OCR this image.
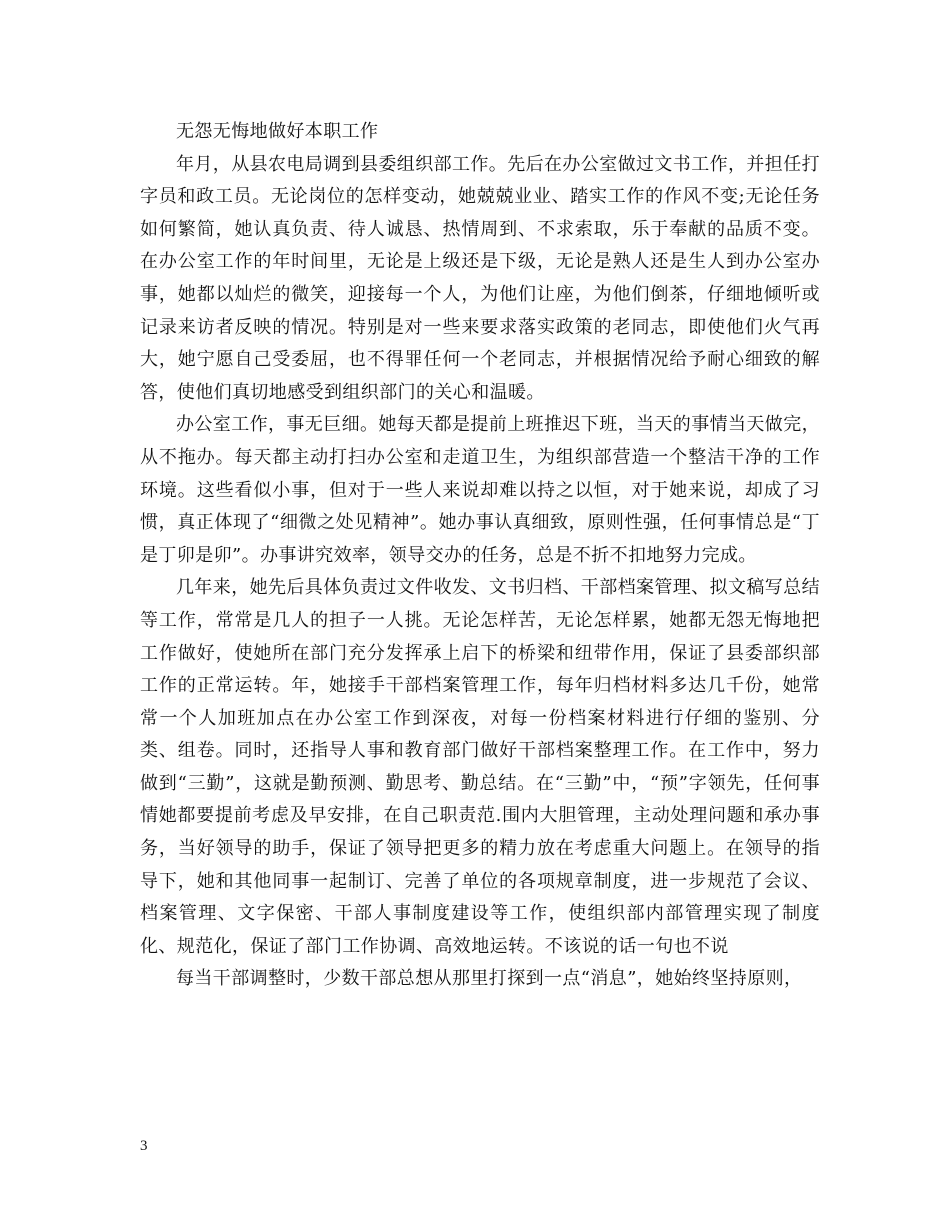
无怨无悔地做好本职工作

年月，从县农电局调到县委组织部工作。先后在办公室做过文书工作，并担任打字员和政工员。无论岗位的怎样变动，她兢兢业业、踏实工作的作风不变;无论任务如何繁简，她认真负责、待人诚恳、热情周到、不求索取，乐于奉献的品质不变。在办公室工作的年时间里，无论是上级还是下级，无论是熟人还是生人到办公室办事，她都以灿烂的微笑，迎接每一个人，为他们让座，为他们倒茶，仔细地倾听或记录来访者反映的情况。特别是对一些来要求落实政策的老同志，即使他们火气再大，她宁愿自己受委屈，也不得罪任何一个老同志，并根据情况给予耐心细致的解答，使他们真切地感受到组织部门的关心和温暖。

办公室工作，事无巨细。她每天都是提前上班推迟下班，当天的事情当天做完，从不拖办。每天都主动打扫办公室和走道卫生，为组织部营造一个整洁干净的工作环境。这些看似小事，但对于一些人来说却难以持之以恒，对于她来说，却成了习惯，真正体现了“细微之处见精神”。她办事认真细致，原则性强，任何事情总是“丁是丁卯是卯”。办事讲究效率，领导交办的任务，总是不折不扣地努力完成。

几年来，她先后具体负责过文件收发、文书归档、干部档案管理、拟文稿写总结等工作，常常是几人的担子一人挑。无论怎样苦，无论怎样累，她都无怨无悔地把工作做好，使她所在部门充分发挥承上启下的桥梁和纽带作用，保证了县委部织部工作的正常运转。年，她接手干部档案管理工作，每年归档材料多达几千份，她常常一个人加班加点在办公室工作到深夜，对每一份档案材料进行仔细的鉴别、分类、组卷。同时，还指导人事和教育部门做好干部档案整理工作。在工作中，努力做到“三勤”，这就是勤预测、勤思考、勤总结。在“三勤”中，“预”字领先，任何事情她都要提前考虑及早安排，在自己职责范.围内大胆管理，主动处理问题和承办事务，当好领导的助手，保证了领导把更多的精力放在考虑重大问题上。在领导的指导下，她和其他同事一起制订、完善了单位的各项规章制度，进一步规范了会议、档案管理、文字保密、干部人事制度建设等工作，使组织部内部管理实现了制度化、规范化，保证了部门工作协调、高效地运转。不该说的话一句也不说

每当干部调整时，少数干部总想从那里打探到一点“消息”，她始终坚持原则，

3
